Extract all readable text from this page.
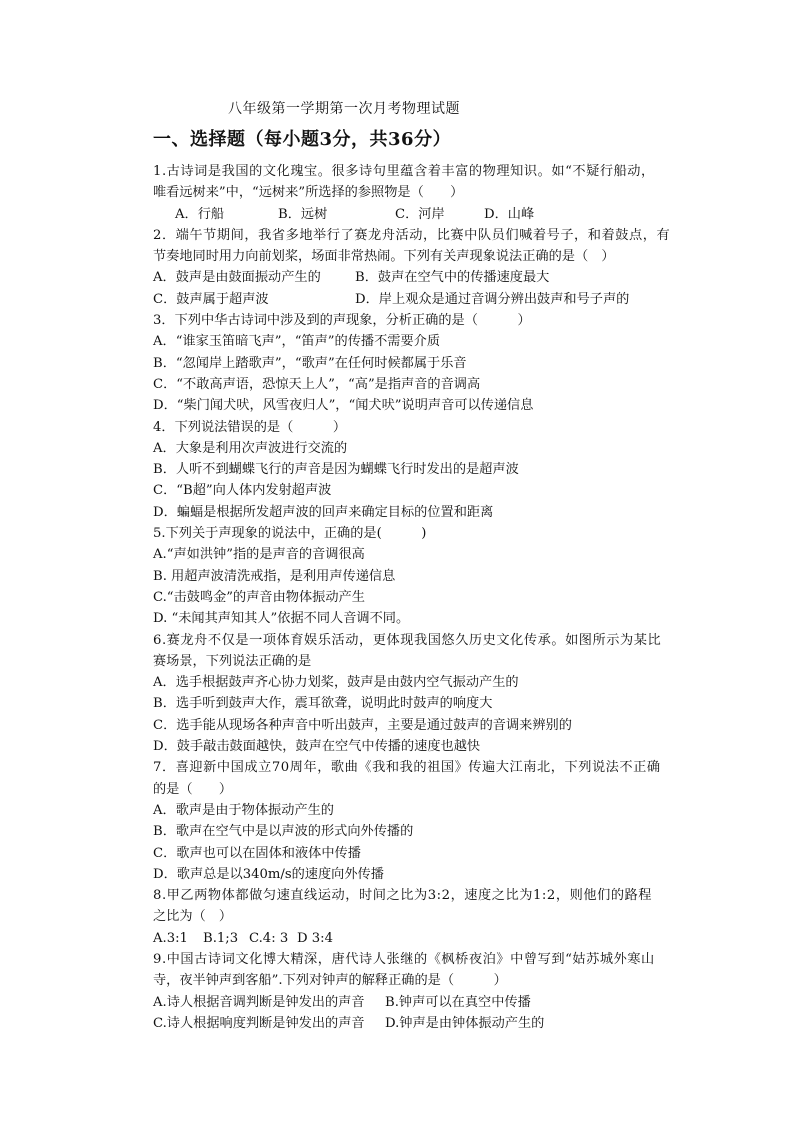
八年级第一学期第一次月考物理试题
一、选择题（每小题3分，共36分）
1.古诗词是我国的文化瑰宝。很多诗句里蕴含着丰富的物理知识。如“不疑行船动，
唯看远树来”中，“远树来”所选择的参照物是（　　）
A．行船	B．远树	C．河岸	D．山峰
2．端午节期间，我省多地举行了赛龙舟活动，比赛中队员们喊着号子，和着鼓点，有
节奏地同时用力向前划桨，场面非常热闹。下列有关声现象说法正确的是（　）
A．鼓声是由鼓面振动产生的	B．鼓声在空气中的传播速度最大
C．鼓声属于超声波	D．岸上观众是通过音调分辨出鼓声和号子声的
3．下列中华古诗词中涉及到的声现象，分析正确的是（　　　）
A．“谁家玉笛暗飞声”，“笛声”的传播不需要介质
B．“忽闻岸上踏歌声”，“歌声”在任何时候都属于乐音
C．“不敢高声语，恐惊天上人”，“高”是指声音的音调高
D．“柴门闻犬吠，风雪夜归人”，“闻犬吠”说明声音可以传递信息
4．下列说法错误的是（　　　）
A．大象是利用次声波进行交流的
B．人听不到蝴蝶飞行的声音是因为蝴蝶飞行时发出的是超声波
C．“B超”向人体内发射超声波
D．蝙蝠是根据所发超声波的回声来确定目标的位置和距离
5.下列关于声现象的说法中，正确的是(　　　)
A.“声如洪钟”指的是声音的音调很高
B. 用超声波清洗戒指，是利用声传递信息
C.“击鼓鸣金”的声音由物体振动产生
D. “未闻其声知其人”依据不同人音调不同。
6.赛龙舟不仅是一项体育娱乐活动，更体现我国悠久历史文化传承。如图所示为某比
赛场景，下列说法正确的是
A．选手根据鼓声齐心协力划桨，鼓声是由鼓内空气振动产生的
B．选手听到鼓声大作，震耳欲聋，说明此时鼓声的响度大
C．选手能从现场各种声音中听出鼓声，主要是通过鼓声的音调来辨别的
D．鼓手敲击鼓面越快，鼓声在空气中传播的速度也越快
7．喜迎新中国成立70周年，歌曲《我和我的祖国》传遍大江南北，下列说法不正确
的是（　　）
A．歌声是由于物体振动产生的
B．歌声在空气中是以声波的形式向外传播的
C．歌声也可以在固体和液体中传播
D．歌声总是以340m/s的速度向外传播
8.甲乙两物体都做匀速直线运动，时间之比为3:2，速度之比为1:2，则他们的路程
之比为（　）
A.3:1 B.1;3 C.4: 3 D 3:4
9.中国古诗词文化博大精深，唐代诗人张继的《枫桥夜泊》中曾写到“姑苏城外寒山
寺，夜半钟声到客船”.下列对钟声的解释正确的是（　　　）
A.诗人根据音调判断是钟发出的声音 B.钟声可以在真空中传播
C.诗人根据响度判断是钟发出的声音 D.钟声是由钟体振动产生的
